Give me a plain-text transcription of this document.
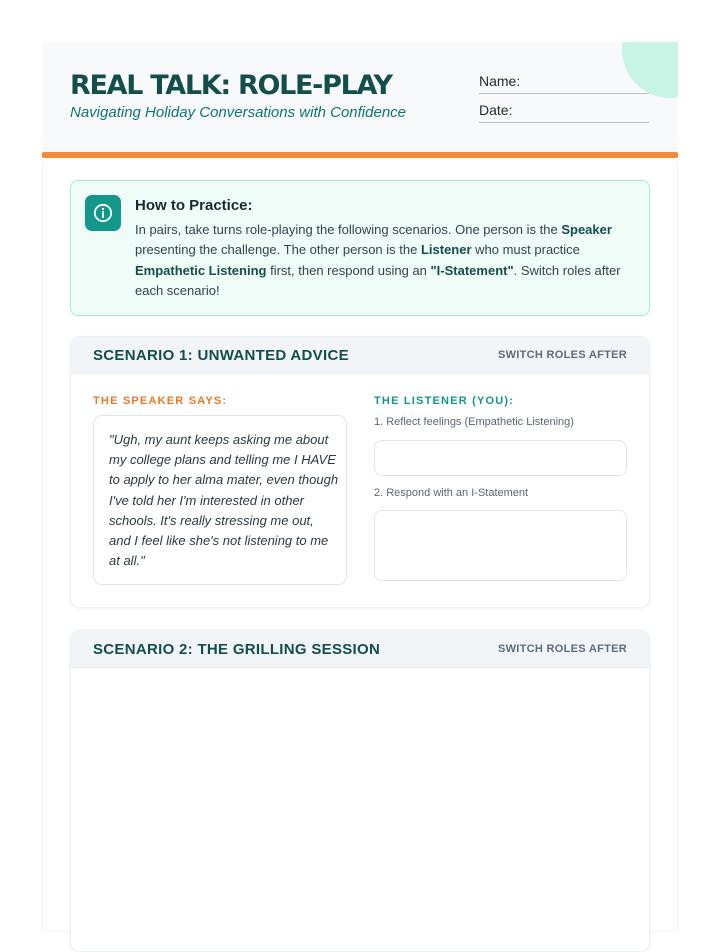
REAL TALK: ROLE-PLAY

Navigating Holiday Conversations with Confidence

Name:
Date:
How to Practice:

In pairs, take turns role-playing the following scenarios. One person is the Speaker presenting the challenge. The other person is the Listener who must practice Empathetic Listening first, then respond using an "I-Statement". Switch roles after each scenario!

SCENARIO 1: UNWANTED ADVICE	SWITCH ROLES AFTER
THE SPEAKER SAYS:

"Ugh, my aunt keeps asking me about my college plans and telling me I HAVE to apply to her alma mater, even though I've told her I'm interested in other schools. It's really stressing me out, and I feel like she's not listening to me at all."

THE LISTENER (YOU):
1. Reflect feelings (Empathetic Listening)
2. Respond with an I-Statement
SCENARIO 2: THE GRILLING SESSION	SWITCH ROLES AFTER
